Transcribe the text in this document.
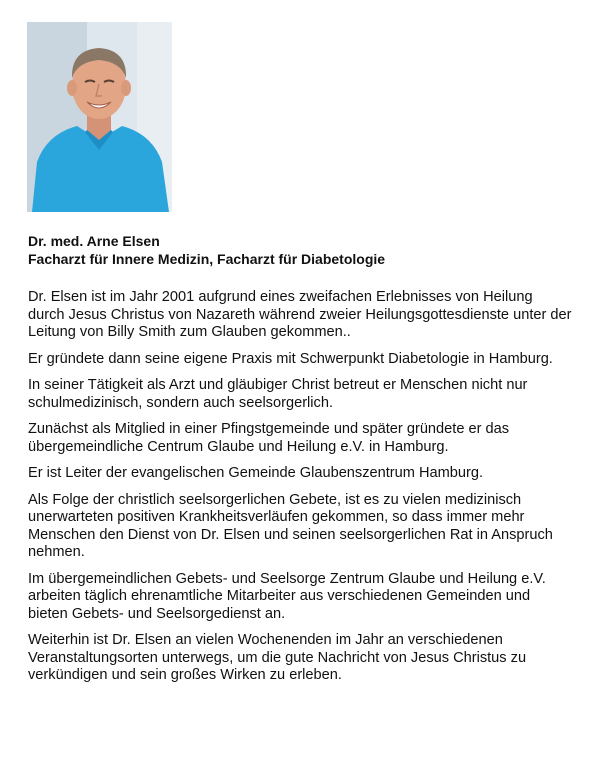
Dr. med. Arne Elsen
Facharzt für Innere Medizin, Facharzt für Diabetologie

Dr. Elsen ist im Jahr 2001 aufgrund eines zweifachen Erlebnisses von Heilung durch Jesus Christus von Nazareth während zweier Heilungsgottesdienste unter der Leitung von Billy Smith zum Glauben gekommen..

Er gründete dann seine eigene Praxis mit Schwerpunkt Diabetologie in Hamburg.

In seiner Tätigkeit als Arzt und gläubiger Christ betreut er Menschen nicht nur schulmedizinisch, sondern auch seelsorgerlich.

Zunächst als Mitglied in einer Pfingstgemeinde und später gründete er das übergemeindliche Centrum Glaube und Heilung e.V. in Hamburg.

Er ist Leiter der evangelischen Gemeinde Glaubenszentrum Hamburg.

Als Folge der christlich seelsorgerlichen Gebete, ist es zu vielen medizinisch unerwarteten positiven Krankheitsverläufen gekommen, so dass immer mehr Menschen den Dienst von Dr. Elsen und seinen seelsorgerlichen Rat in Anspruch nehmen.

Im übergemeindlichen Gebets- und Seelsorge Zentrum Glaube und Heilung e.V. arbeiten täglich ehrenamtliche Mitarbeiter aus verschiedenen Gemeinden und bieten Gebets- und Seelsorgedienst an.

Weiterhin ist Dr. Elsen an vielen Wochenenden im Jahr an verschiedenen Veranstaltungsorten unterwegs, um die gute Nachricht von Jesus Christus zu verkündigen und sein großes Wirken zu erleben.
